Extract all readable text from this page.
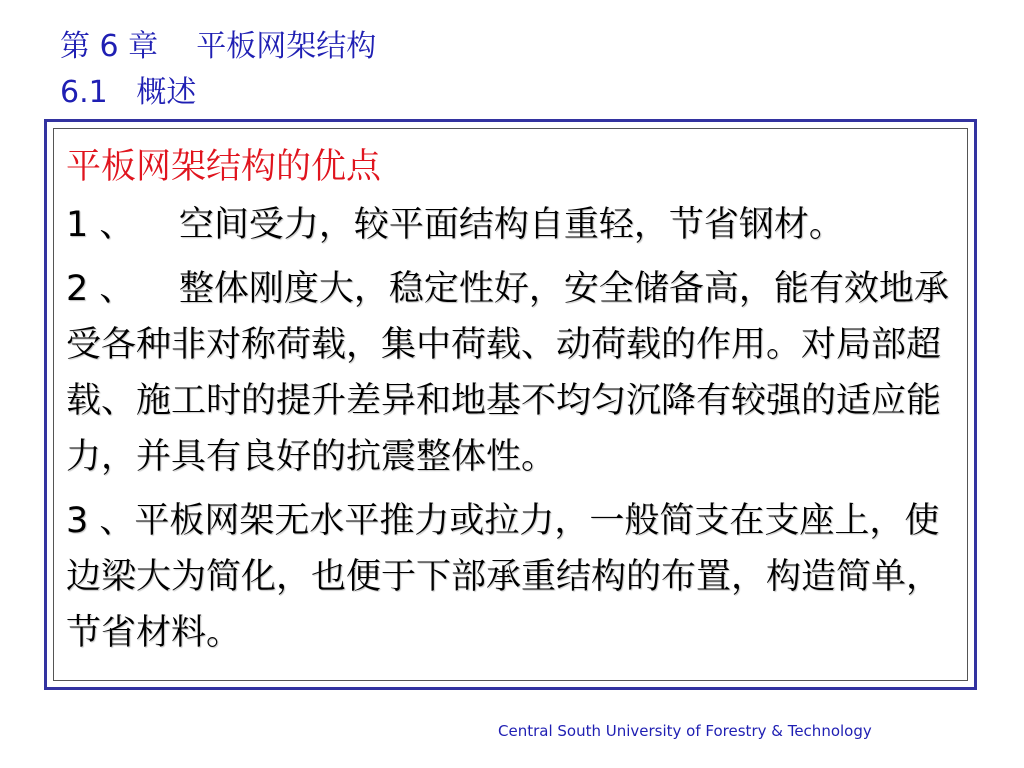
第 6 章    平板网架结构
6.1   概述
平板网架结构的优点
1 、    空间受力，较平面结构自重轻，节省钢材。
2 、    整体刚度大，稳定性好，安全储备高，能有效地承受各种非对称荷载，集中荷载、动荷载的作用。对局部超载、施工时的提升差异和地基不均匀沉降有较强的适应能力，并具有良好的抗震整体性。
3 、平板网架无水平推力或拉力，一般简支在支座上，使边梁大为简化，也便于下部承重结构的布置，构造简单，节省材料。
Central South University of Forestry & Technology
